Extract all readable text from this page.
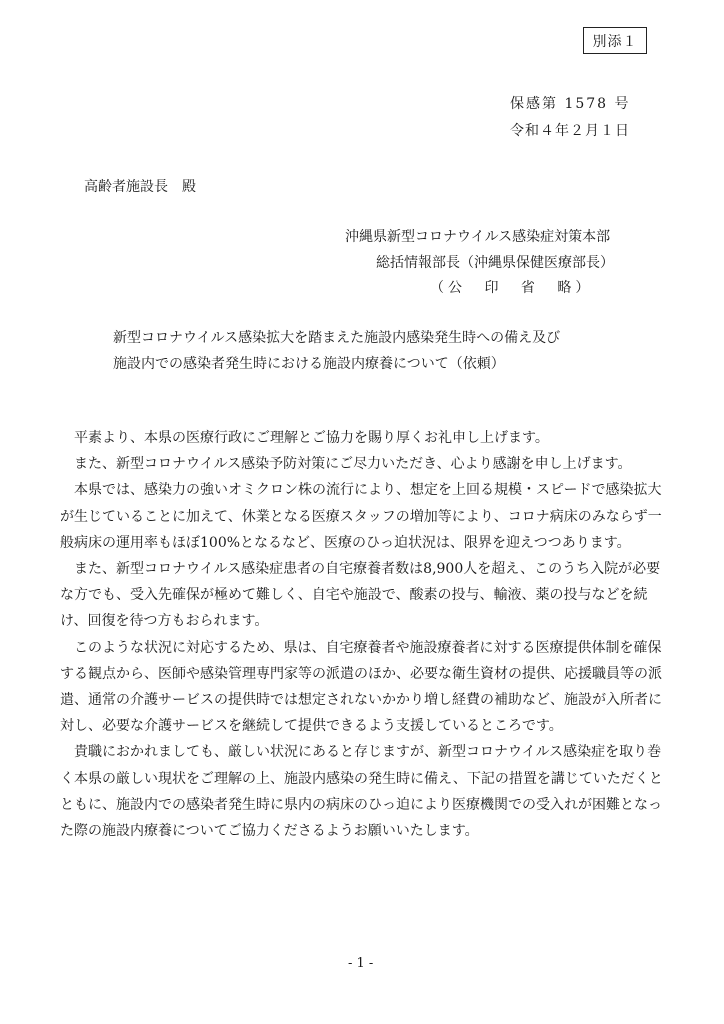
別添１
保感第 1578 号
令和４年２月１日
高齢者施設長　殿
沖縄県新型コロナウイルス感染症対策本部
総括情報部長（沖縄県保健医療部長）
（公 印 省 略）
新型コロナウイルス感染拡大を踏まえた施設内感染発生時への備え及び
施設内での感染者発生時における施設内療養について（依頼）

平素より、本県の医療行政にご理解とご協力を賜り厚くお礼申し上げます。

また、新型コロナウイルス感染予防対策にご尽力いただき、心より感謝を申し上げます。

本県では、感染力の強いオミクロン株の流行により、想定を上回る規模・スピードで感染拡大が生じていることに加えて、休業となる医療スタッフの増加等により、コロナ病床のみならず一般病床の運用率もほぼ100%となるなど、医療のひっ迫状況は、限界を迎えつつあります。

また、新型コロナウイルス感染症患者の自宅療養者数は8,900人を超え、このうち入院が必要な方でも、受入先確保が極めて難しく、自宅や施設で、酸素の投与、輸液、薬の投与などを続け、回復を待つ方もおられます。

このような状況に対応するため、県は、自宅療養者や施設療養者に対する医療提供体制を確保する観点から、医師や感染管理専門家等の派遣のほか、必要な衛生資材の提供、応援職員等の派遣、通常の介護サービスの提供時では想定されないかかり増し経費の補助など、施設が入所者に対し、必要な介護サービスを継続して提供できるよう支援しているところです。

貴職におかれましても、厳しい状況にあると存じますが、新型コロナウイルス感染症を取り巻く本県の厳しい現状をご理解の上、施設内感染の発生時に備え、下記の措置を講じていただくとともに、施設内での感染者発生時に県内の病床のひっ迫により医療機関での受入れが困難となった際の施設内療養についてご協力くださるようお願いいたします。

- 1 -
